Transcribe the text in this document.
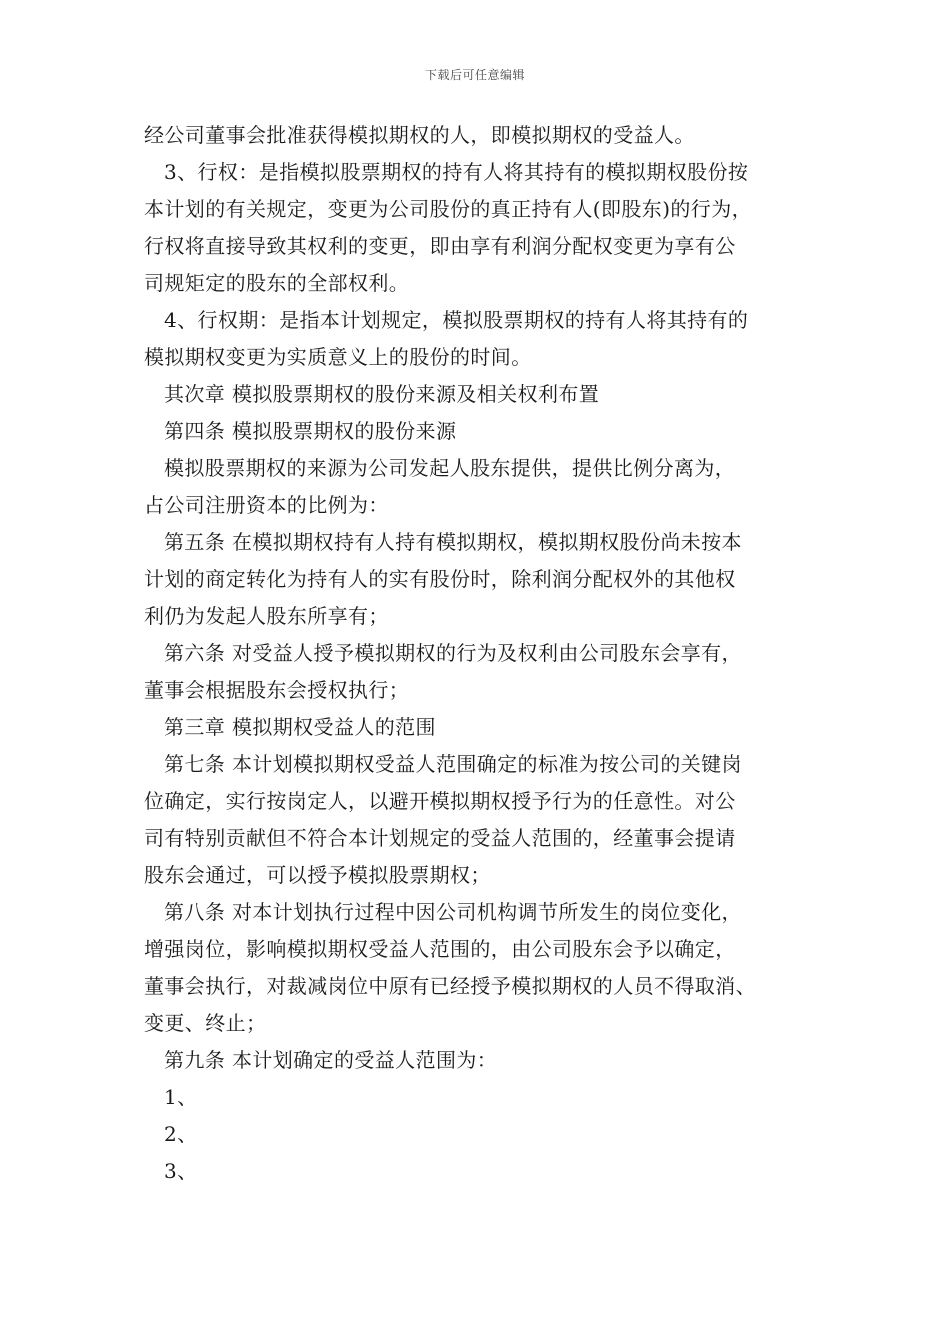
下载后可任意编辑
经公司董事会批准获得模拟期权的人，即模拟期权的受益人。
3、行权：是指模拟股票期权的持有人将其持有的模拟期权股份按
本计划的有关规定，变更为公司股份的真正持有人(即股东)的行为，
行权将直接导致其权利的变更，即由享有利润分配权变更为享有公
司规矩定的股东的全部权利。
4、行权期：是指本计划规定，模拟股票期权的持有人将其持有的
模拟期权变更为实质意义上的股份的时间。
其次章 模拟股票期权的股份来源及相关权利布置
第四条 模拟股票期权的股份来源
模拟股票期权的来源为公司发起人股东提供，提供比例分离为，
占公司注册资本的比例为：
第五条 在模拟期权持有人持有模拟期权，模拟期权股份尚未按本
计划的商定转化为持有人的实有股份时，除利润分配权外的其他权
利仍为发起人股东所享有；
第六条 对受益人授予模拟期权的行为及权利由公司股东会享有，
董事会根据股东会授权执行；
第三章 模拟期权受益人的范围
第七条 本计划模拟期权受益人范围确定的标准为按公司的关键岗
位确定，实行按岗定人，以避开模拟期权授予行为的任意性。对公
司有特别贡献但不符合本计划规定的受益人范围的，经董事会提请
股东会通过，可以授予模拟股票期权；
第八条 对本计划执行过程中因公司机构调节所发生的岗位变化，
增强岗位，影响模拟期权受益人范围的，由公司股东会予以确定，
董事会执行，对裁减岗位中原有已经授予模拟期权的人员不得取消、
变更、终止；
第九条 本计划确定的受益人范围为：
1、
2、
3、
